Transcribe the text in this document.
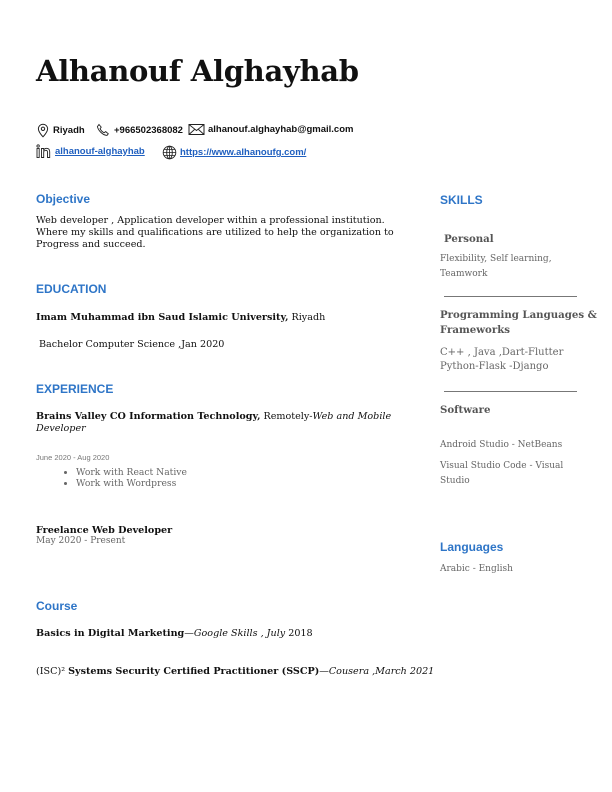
Alhanouf Alghayhab
Riyadh	+966502368082	alhanouf.alghayhab@gmail.com
alhanouf-alghayhab	https://www.alhanoufg.com/
Objective
Web developer , Application developer within a professional institution.
Where my skills and qualifications are utilized to help the organization to
Progress and succeed.
EDUCATION
Imam Muhammad ibn Saud Islamic University, Riyadh
Bachelor Computer Science ,Jan 2020
EXPERIENCE
Brains Valley CO Information Technology, Remotely-Web and Mobile Developer
June 2020 - Aug 2020
• Work with React Native
• Work with Wordpress
Freelance Web Developer
May 2020 - Present
Course
Basics in Digital Marketing—Google Skills , July 2018
(ISC)² Systems Security Certified Practitioner (SSCP)—Cousera ,March 2021
SKILLS
Personal
Flexibility, Self learning,
Teamwork
Programming Languages &
Frameworks
C++ , Java ,Dart-Flutter
Python-Flask -Django
Software
Android Studio - NetBeans
Visual Studio Code - Visual
Studio
Languages
Arabic - English
